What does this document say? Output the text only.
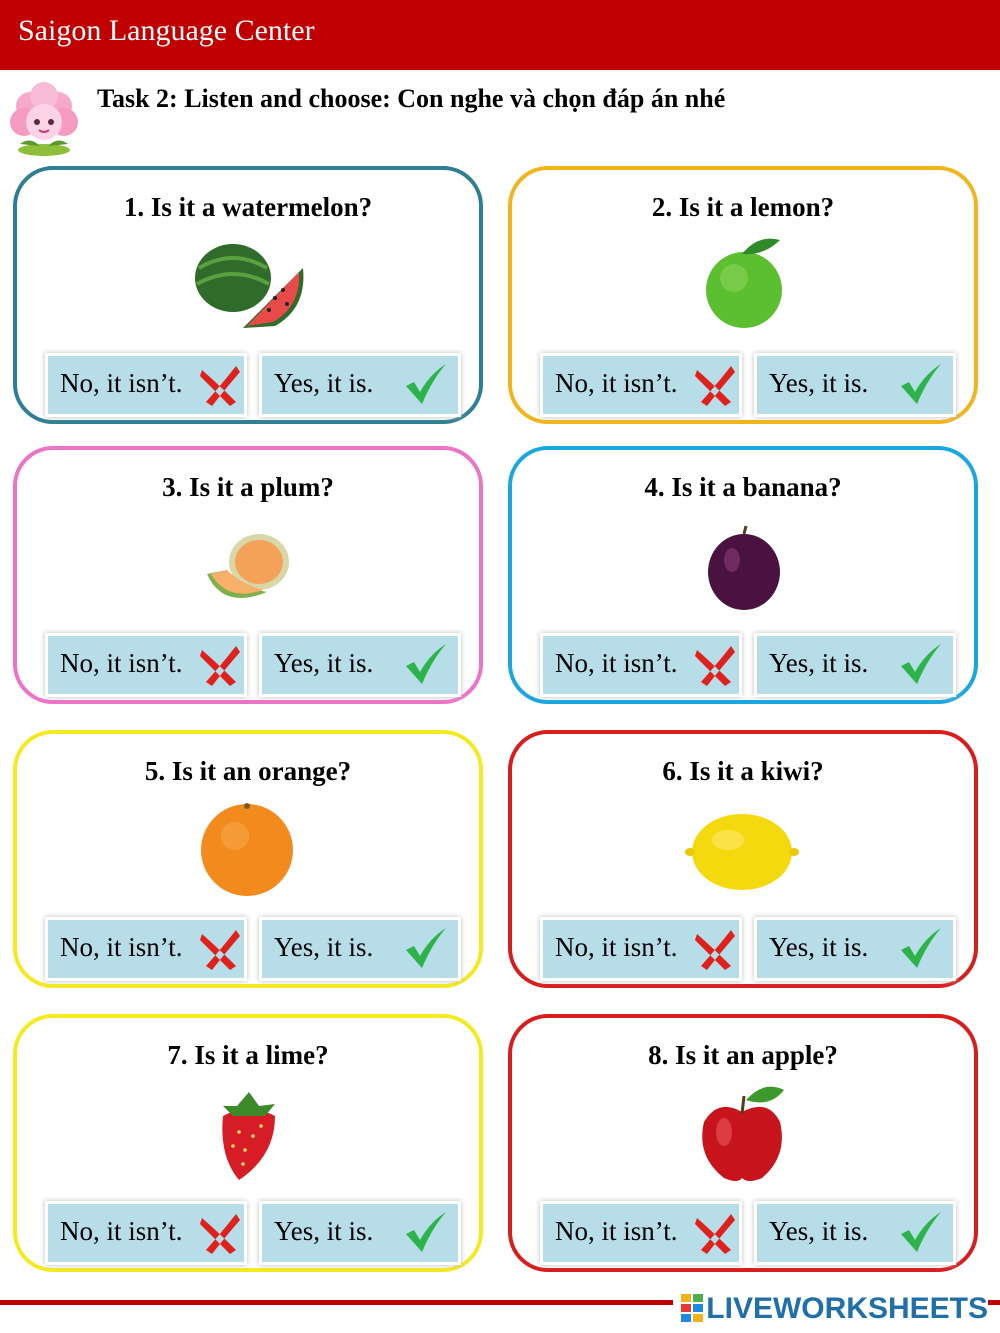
Saigon Language Center
Task 2: Listen and choose: Con nghe và chọn đáp án nhé
1. Is it a watermelon?
No, it isn’t.	Yes, it is.
2. Is it a lemon?
No, it isn’t.	Yes, it is.
3. Is it a plum?
No, it isn’t.	Yes, it is.
4. Is it a banana?
No, it isn’t.	Yes, it is.
5. Is it an orange?
No, it isn’t.	Yes, it is.
6. Is it a kiwi?
No, it isn’t.	Yes, it is.
7. Is it a lime?
No, it isn’t.	Yes, it is.
8. Is it an apple?
No, it isn’t.	Yes, it is.
LIVEWORKSHEETS
